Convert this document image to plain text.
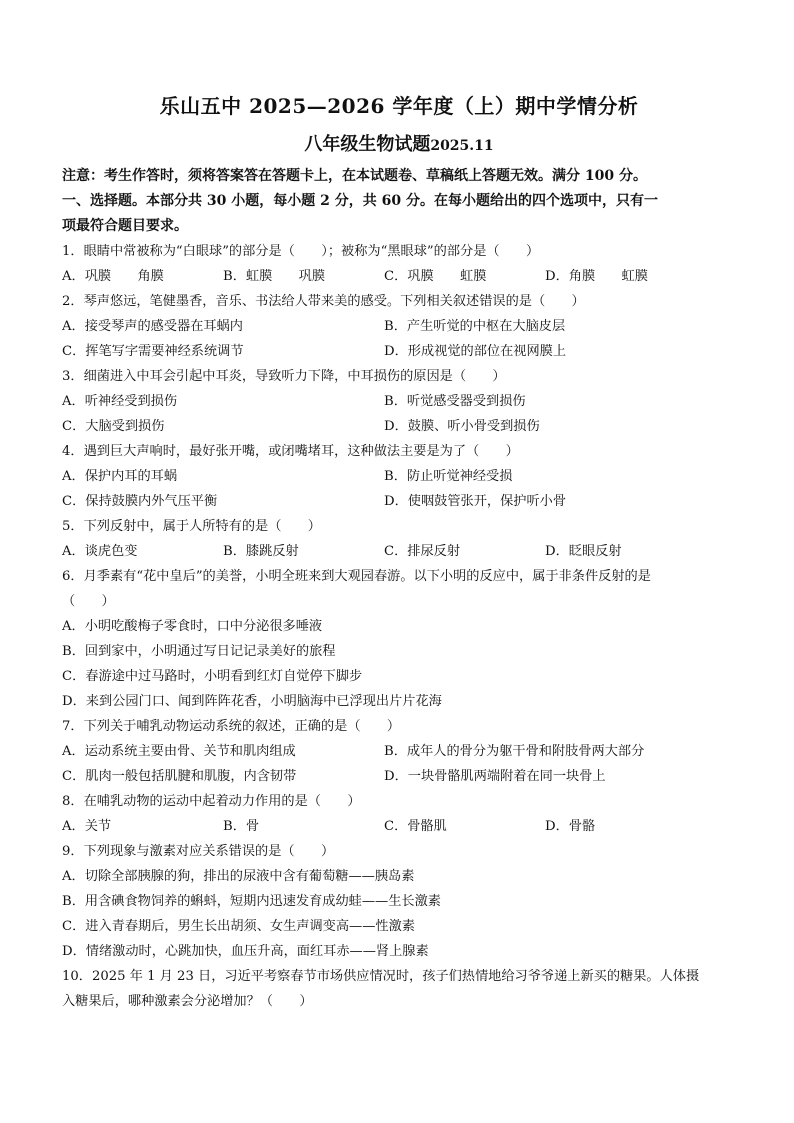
乐山五中 2025—2026 学年度（上）期中学情分析
八年级生物试题2025.11
注意：考生作答时，须将答案答在答题卡上，在本试题卷、草稿纸上答题无效。满分 100 分。
一、选择题。本部分共 30 小题，每小题 2 分，共 60 分。在每小题给出的四个选项中，只有一
项最符合题目要求。
1．眼睛中常被称为“白眼球”的部分是（　　）；被称为“黑眼球”的部分是（　　）
A．巩膜　　角膜	B．虹膜　　巩膜	C．巩膜　　虹膜	D．角膜　　虹膜
2．琴声悠远，笔健墨香，音乐、书法给人带来美的感受。下列相关叙述错误的是（　　）
A．接受琴声的感受器在耳蜗内	B．产生听觉的中枢在大脑皮层
C．挥笔写字需要神经系统调节	D．形成视觉的部位在视网膜上
3．细菌进入中耳会引起中耳炎，导致听力下降，中耳损伤的原因是（　　）
A．听神经受到损伤	B．听觉感受器受到损伤
C．大脑受到损伤	D．鼓膜、听小骨受到损伤
4．遇到巨大声响时，最好张开嘴，或闭嘴堵耳，这种做法主要是为了（　　）
A．保护内耳的耳蜗	B．防止听觉神经受损
C．保持鼓膜内外气压平衡	D．使咽鼓管张开，保护听小骨
5．下列反射中，属于人所特有的是（　　）
A．谈虎色变	B．膝跳反射	C．排尿反射	D．眨眼反射
6．月季素有“花中皇后”的美誉，小明全班来到大观园春游。以下小明的反应中，属于非条件反射的是
（　　）
A．小明吃酸梅子零食时，口中分泌很多唾液
B．回到家中，小明通过写日记记录美好的旅程
C．春游途中过马路时，小明看到红灯自觉停下脚步
D．来到公园门口、闻到阵阵花香，小明脑海中已浮现出片片花海
7．下列关于哺乳动物运动系统的叙述，正确的是（　　）
A．运动系统主要由骨、关节和肌肉组成	B．成年人的骨分为躯干骨和附肢骨两大部分
C．肌肉一般包括肌腱和肌腹，内含韧带	D．一块骨骼肌两端附着在同一块骨上
8．在哺乳动物的运动中起着动力作用的是（　　）
A．关节	B．骨	C．骨骼肌	D．骨骼
9．下列现象与激素对应关系错误的是（　　）
A．切除全部胰腺的狗，排出的尿液中含有葡萄糖——胰岛素
B．用含碘食物饲养的蝌蚪，短期内迅速发育成幼蛙——生长激素
C．进入青春期后，男生长出胡须、女生声调变高——性激素
D．情绪激动时，心跳加快，血压升高，面红耳赤——肾上腺素
10．2025 年 1 月 23 日，习近平考察春节市场供应情况时，孩子们热情地给习爷爷递上新买的糖果。人体摄
入糖果后，哪种激素会分泌增加？（　　）
